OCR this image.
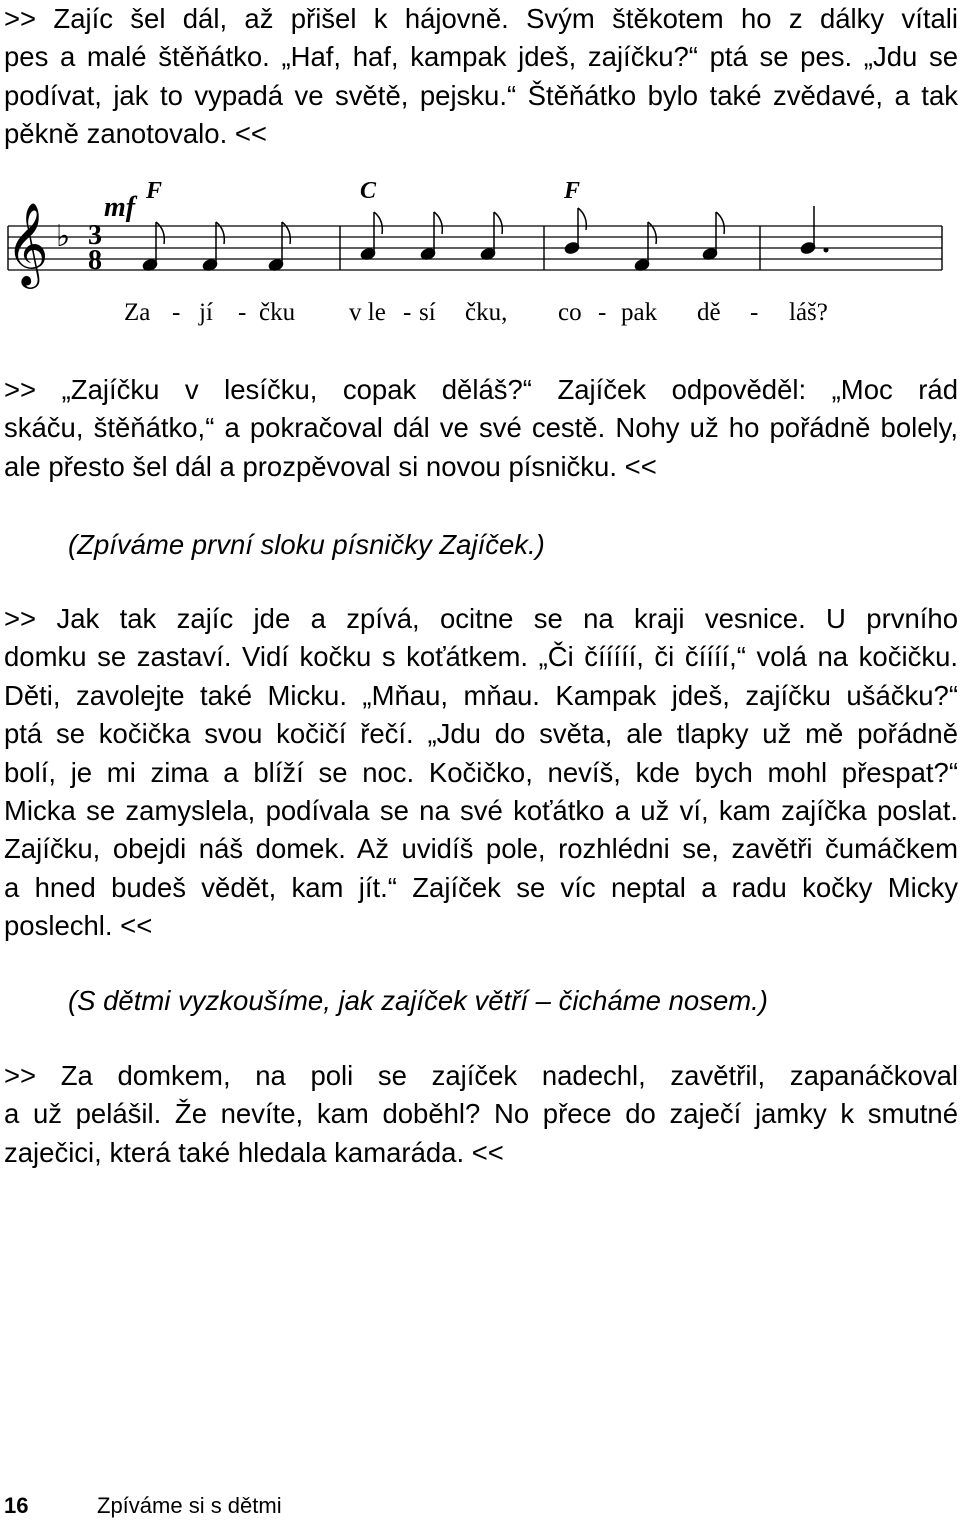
>> Zajíc šel dál, až přišel k hájovně. Svým štěkotem ho z dálky vítali
pes a malé štěňátko. „Haf, haf, kampak jdeš, zajíčku?“ ptá se pes. „Jdu se
podívat, jak to vypadá ve světě, pejsku.“ Štěňátko bylo také zvědavé, a tak
pěkně zanotovalo. <<
F	C	F
mf
𝄞 ♭ 3
8
Za - jí - čku v le - sí čku, co - pak dě - láš?
>> „Zajíčku v lesíčku, copak děláš?“ Zajíček odpověděl: „Moc rád
skáču, štěňátko,“ a pokračoval dál ve své cestě. Nohy už ho pořádně bolely,
ale přesto šel dál a prozpěvoval si novou písničku. <<
(Zpíváme první sloku písničky Zajíček.)
>> Jak tak zajíc jde a zpívá, ocitne se na kraji vesnice. U prvního
domku se zastaví. Vidí kočku s koťátkem. „Či čííííí, či číííí,“ volá na kočičku.
Děti, zavolejte také Micku. „Mňau, mňau. Kampak jdeš, zajíčku ušáčku?“
ptá se kočička svou kočičí řečí. „Jdu do světa, ale tlapky už mě pořádně
bolí, je mi zima a blíží se noc. Kočičko, nevíš, kde bych mohl přespat?“
Micka se zamyslela, podívala se na své koťátko a už ví, kam zajíčka poslat.
Zajíčku, obejdi náš domek. Až uvidíš pole, rozhlédni se, zavětři čumáčkem
a hned budeš vědět, kam jít.“ Zajíček se víc neptal a radu kočky Micky
poslechl. <<
(S dětmi vyzkoušíme, jak zajíček větří – čicháme nosem.)
>> Za domkem, na poli se zajíček nadechl, zavětřil, zapanáčkoval
a už pelášil. Že nevíte, kam doběhl? No přece do zaječí jamky k smutné
zaječici, která také hledala kamaráda. <<
16	Zpíváme si s dětmi
